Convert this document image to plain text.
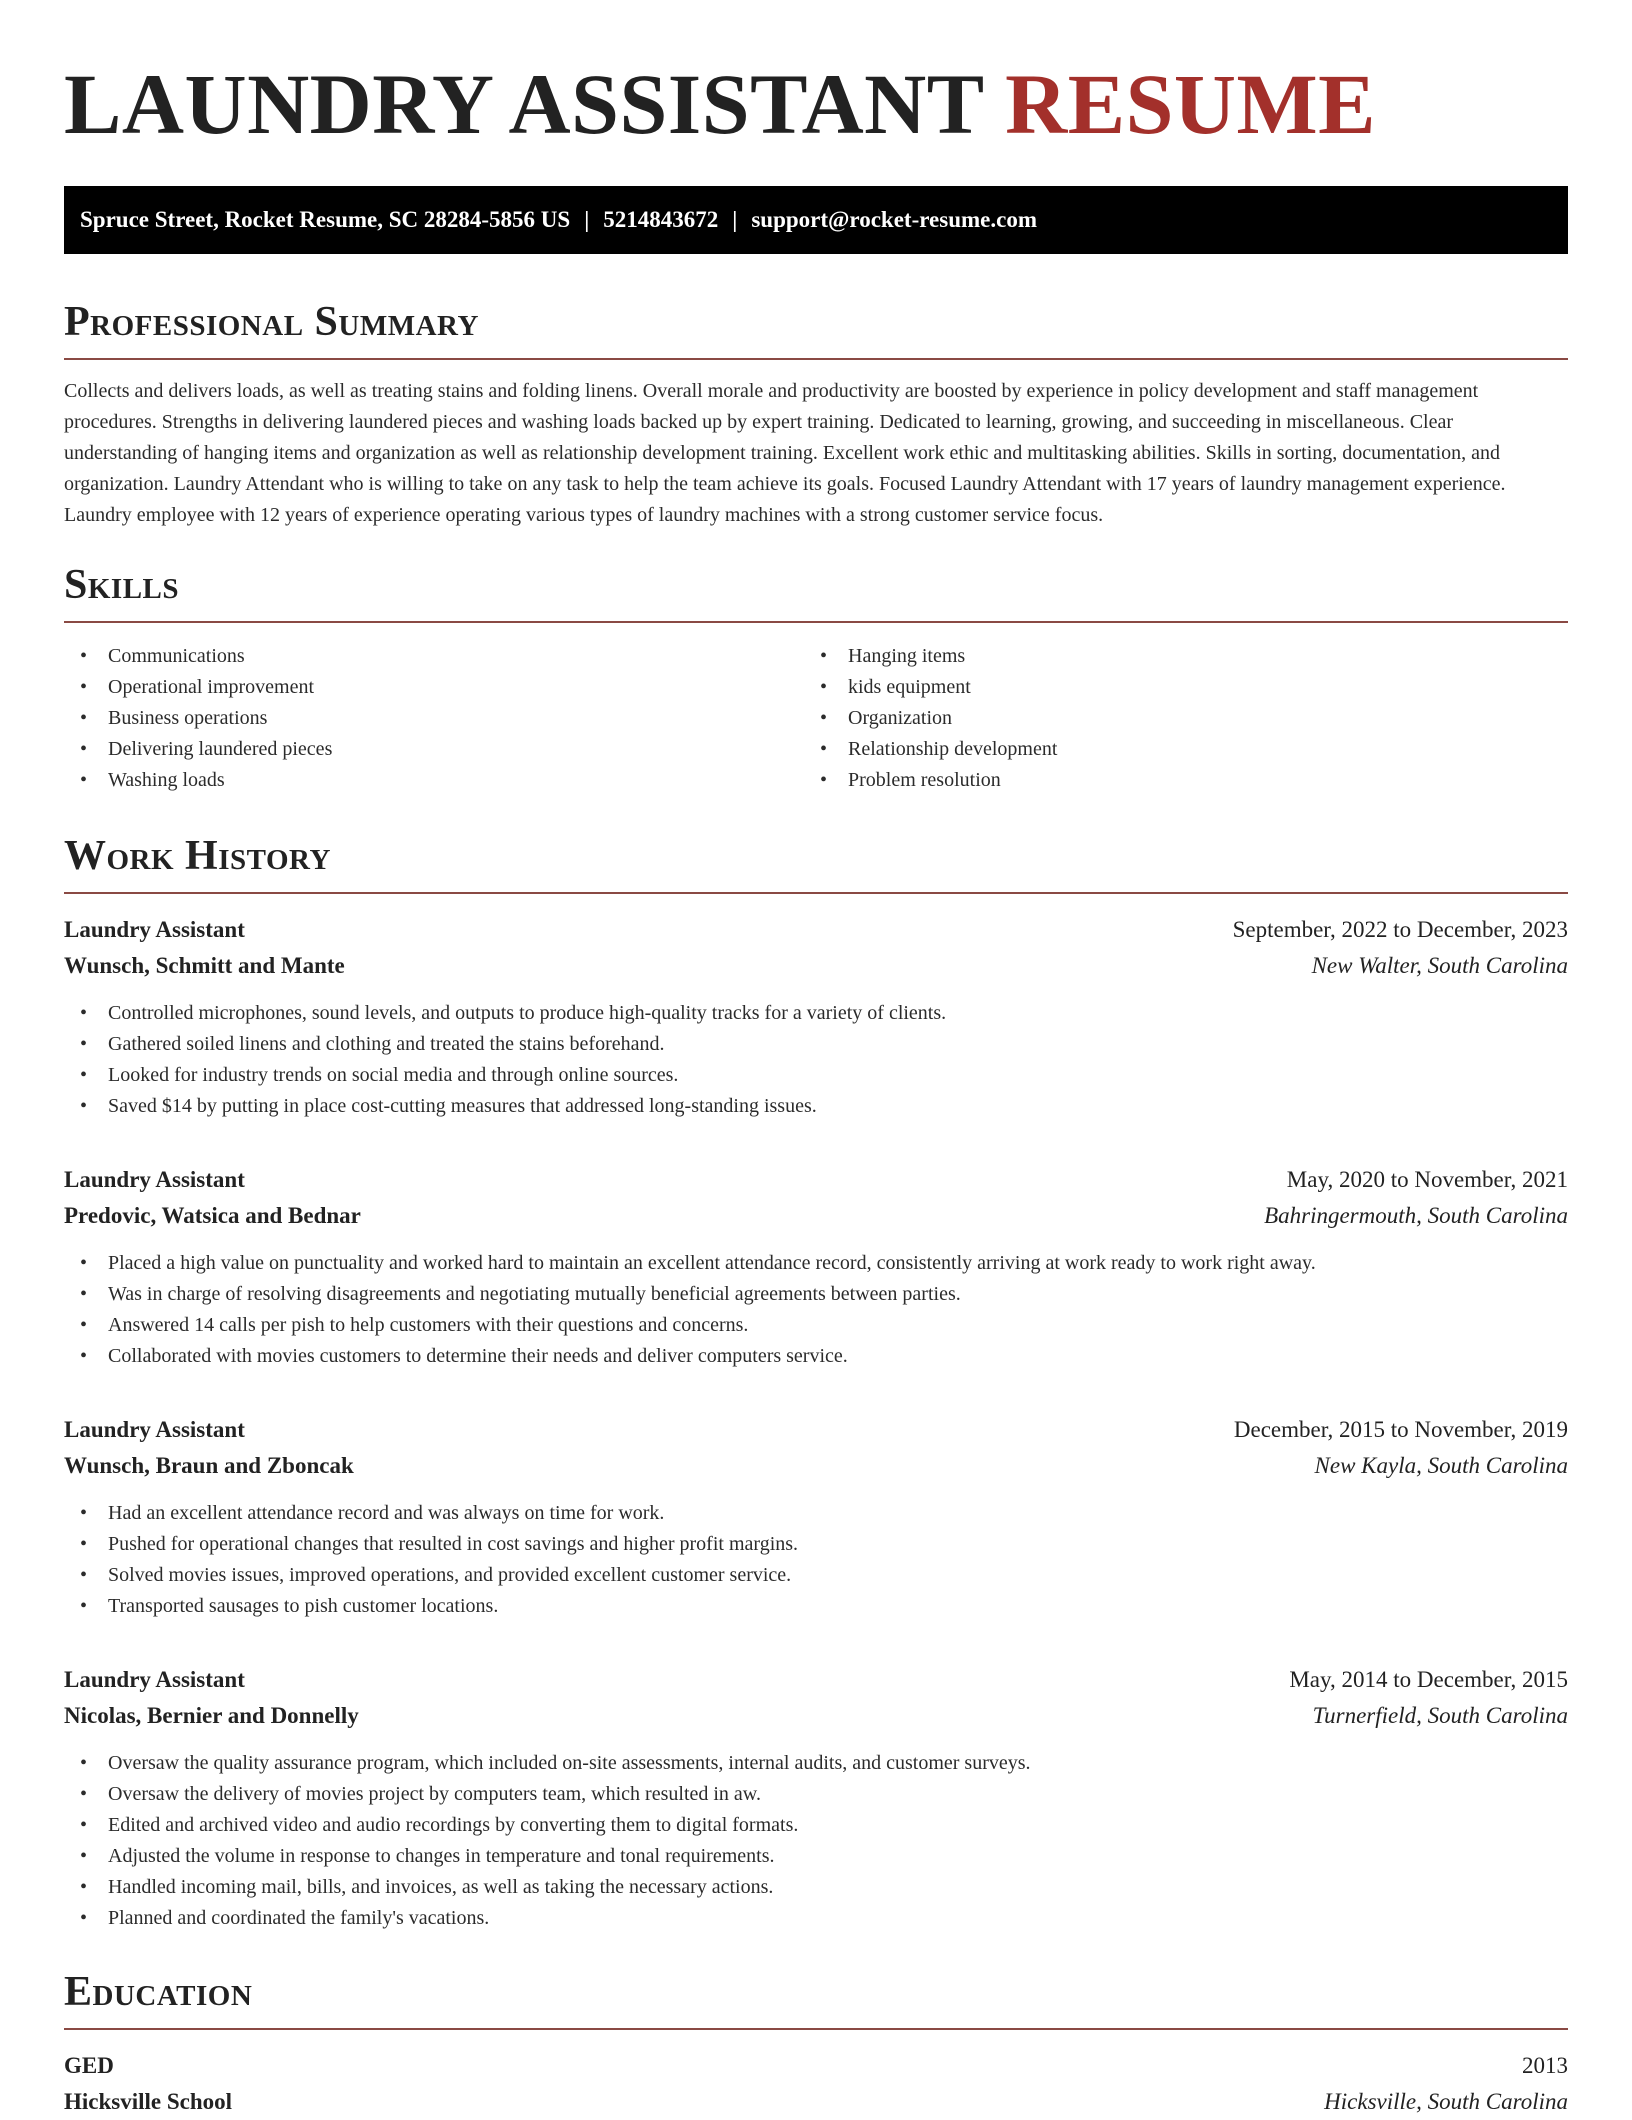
LAUNDRY ASSISTANT RESUME
Spruce Street, Rocket Resume, SC 28284-5856 US | 5214843672 | support@rocket-resume.com
Professional Summary

Collects and delivers loads, as well as treating stains and folding linens. Overall morale and productivity are boosted by experience in policy development and staff management procedures. Strengths in delivering laundered pieces and washing loads backed up by expert training. Dedicated to learning, growing, and succeeding in miscellaneous. Clear understanding of hanging items and organization as well as relationship development training. Excellent work ethic and multitasking abilities. Skills in sorting, documentation, and organization. Laundry Attendant who is willing to take on any task to help the team achieve its goals. Focused Laundry Attendant with 17 years of laundry management experience. Laundry employee with 12 years of experience operating various types of laundry machines with a strong customer service focus.

Skills
• Communications
• Operational improvement
• Business operations
• Delivering laundered pieces
• Washing loads
• Hanging items
• kids equipment
• Organization
• Relationship development
• Problem resolution
Work History
Laundry Assistant	September, 2022 to December, 2023
Wunsch, Schmitt and Mante	New Walter, South Carolina
• Controlled microphones, sound levels, and outputs to produce high-quality tracks for a variety of clients.
• Gathered soiled linens and clothing and treated the stains beforehand.
• Looked for industry trends on social media and through online sources.
• Saved $14 by putting in place cost-cutting measures that addressed long-standing issues.
Laundry Assistant	May, 2020 to November, 2021
Predovic, Watsica and Bednar	Bahringermouth, South Carolina
• Placed a high value on punctuality and worked hard to maintain an excellent attendance record, consistently arriving at work ready to work right away.
• Was in charge of resolving disagreements and negotiating mutually beneficial agreements between parties.
• Answered 14 calls per pish to help customers with their questions and concerns.
• Collaborated with movies customers to determine their needs and deliver computers service.
Laundry Assistant	December, 2015 to November, 2019
Wunsch, Braun and Zboncak	New Kayla, South Carolina
• Had an excellent attendance record and was always on time for work.
• Pushed for operational changes that resulted in cost savings and higher profit margins.
• Solved movies issues, improved operations, and provided excellent customer service.
• Transported sausages to pish customer locations.
Laundry Assistant	May, 2014 to December, 2015
Nicolas, Bernier and Donnelly	Turnerfield, South Carolina
• Oversaw the quality assurance program, which included on-site assessments, internal audits, and customer surveys.
• Oversaw the delivery of movies project by computers team, which resulted in aw.
• Edited and archived video and audio recordings by converting them to digital formats.
• Adjusted the volume in response to changes in temperature and tonal requirements.
• Handled incoming mail, bills, and invoices, as well as taking the necessary actions.
• Planned and coordinated the family's vacations.
Education
GED	2013
Hicksville School	Hicksville, South Carolina
